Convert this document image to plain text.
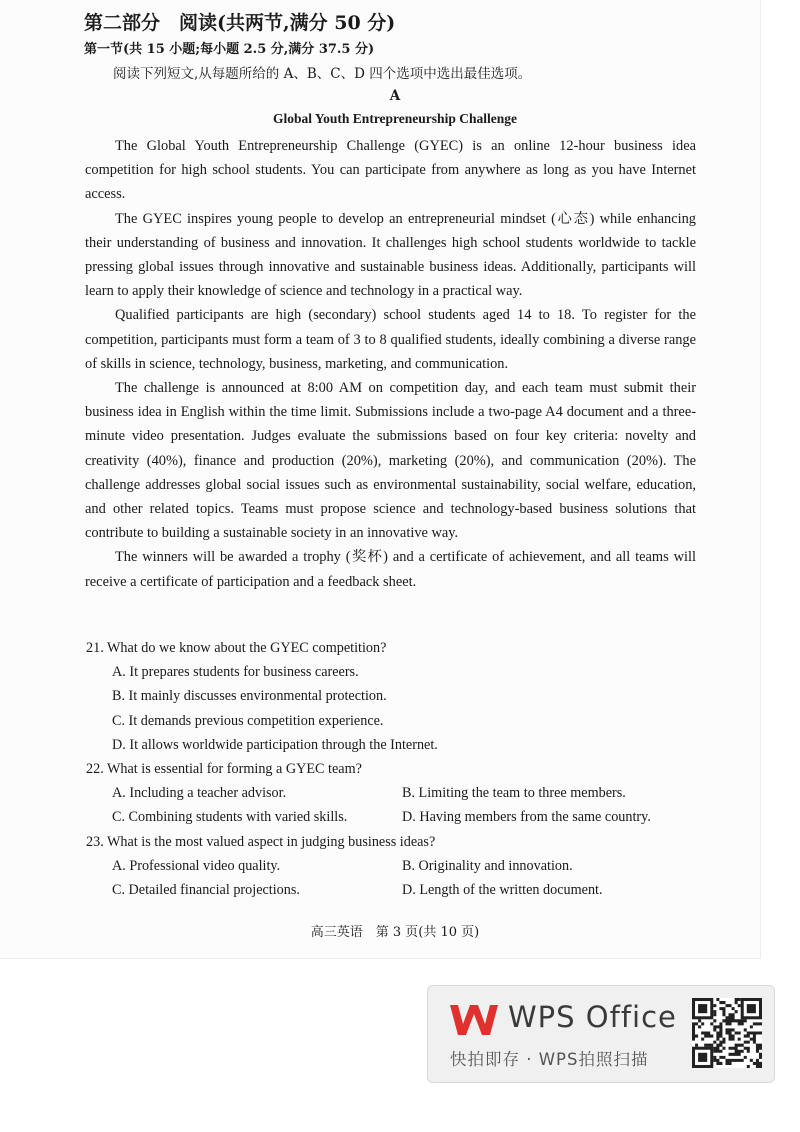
第二部分　阅读(共两节,满分 50 分)
第一节(共 15 小题;每小题 2.5 分,满分 37.5 分)
阅读下列短文,从每题所给的 A、B、C、D 四个选项中选出最佳选项。
A
Global Youth Entrepreneurship Challenge

The Global Youth Entrepreneurship Challenge (GYEC) is an online 12-hour business idea competition for high school students. You can participate from anywhere as long as you have Internet access.

The GYEC inspires young people to develop an entrepreneurial mindset (心态) while enhancing their understanding of business and innovation. It challenges high school students worldwide to tackle pressing global issues through innovative and sustainable business ideas. Additionally, participants will learn to apply their knowledge of science and technology in a practical way.

Qualified participants are high (secondary) school students aged 14 to 18. To register for the competition, participants must form a team of 3 to 8 qualified students, ideally combining a diverse range of skills in science, technology, business, marketing, and communication.

The challenge is announced at 8:00 AM on competition day, and each team must submit their business idea in English within the time limit. Submissions include a two-page A4 document and a three-minute video presentation. Judges evaluate the submissions based on four key criteria: novelty and creativity (40%), finance and production (20%), marketing (20%), and communication (20%). The challenge addresses global social issues such as environmental sustainability, social welfare, education, and other related topics. Teams must propose science and technology-based business solutions that contribute to building a sustainable society in an innovative way.

The winners will be awarded a trophy (奖杯) and a certificate of achievement, and all teams will receive a certificate of participation and a feedback sheet.

21. What do we know about the GYEC competition?
A. It prepares students for business careers.
B. It mainly discusses environmental protection.
C. It demands previous competition experience.
D. It allows worldwide participation through the Internet.
22. What is essential for forming a GYEC team?
A. Including a teacher advisor.	B. Limiting the team to three members.
C. Combining students with varied skills.	D. Having members from the same country.
23. What is the most valued aspect in judging business ideas?
A. Professional video quality.	B. Originality and innovation.
C. Detailed financial projections.	D. Length of the written document.
高三英语　第 3 页(共 10 页)
WPS Office
快拍即存 · WPS拍照扫描
